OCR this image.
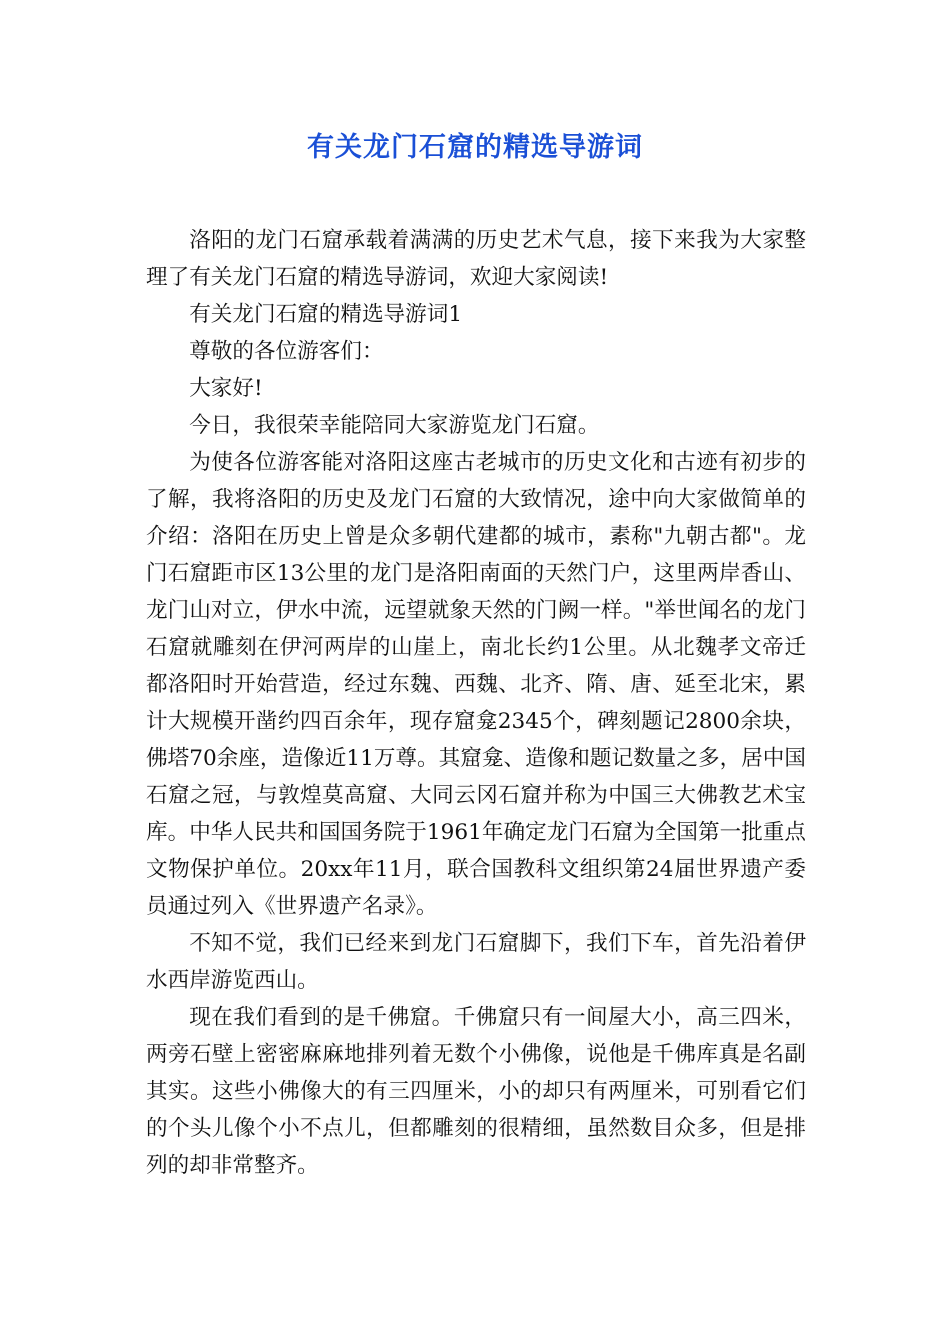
有关龙门石窟的精选导游词

洛阳的龙门石窟承载着满满的历史艺术气息，接下来我为大家整理了有关龙门石窟的精选导游词，欢迎大家阅读!

有关龙门石窟的精选导游词1

尊敬的各位游客们：

大家好!

今日，我很荣幸能陪同大家游览龙门石窟。

为使各位游客能对洛阳这座古老城市的历史文化和古迹有初步的了解，我将洛阳的历史及龙门石窟的大致情况，途中向大家做简单的介绍：洛阳在历史上曾是众多朝代建都的城市，素称"九朝古都"。龙门石窟距市区13公里的龙门是洛阳南面的天然门户，这里两岸香山、龙门山对立，伊水中流，远望就象天然的门阙一样。"举世闻名的龙门石窟就雕刻在伊河两岸的山崖上，南北长约1公里。从北魏孝文帝迁都洛阳时开始营造，经过东魏、西魏、北齐、隋、唐、延至北宋，累计大规模开凿约四百余年，现存窟龛2345个，碑刻题记2800余块，佛塔70余座，造像近11万尊。其窟龛、造像和题记数量之多，居中国石窟之冠，与敦煌莫高窟、大同云冈石窟并称为中国三大佛教艺术宝库。中华人民共和国国务院于1961年确定龙门石窟为全国第一批重点文物保护单位。20xx年11月，联合国教科文组织第24届世界遗产委员通过列入《世界遗产名录》。

不知不觉，我们已经来到龙门石窟脚下，我们下车，首先沿着伊水西岸游览西山。

现在我们看到的是千佛窟。千佛窟只有一间屋大小，高三四米，两旁石壁上密密麻麻地排列着无数个小佛像，说他是千佛库真是名副其实。这些小佛像大的有三四厘米，小的却只有两厘米，可别看它们的个头儿像个小不点儿，但都雕刻的很精细，虽然数目众多，但是排列的却非常整齐。
